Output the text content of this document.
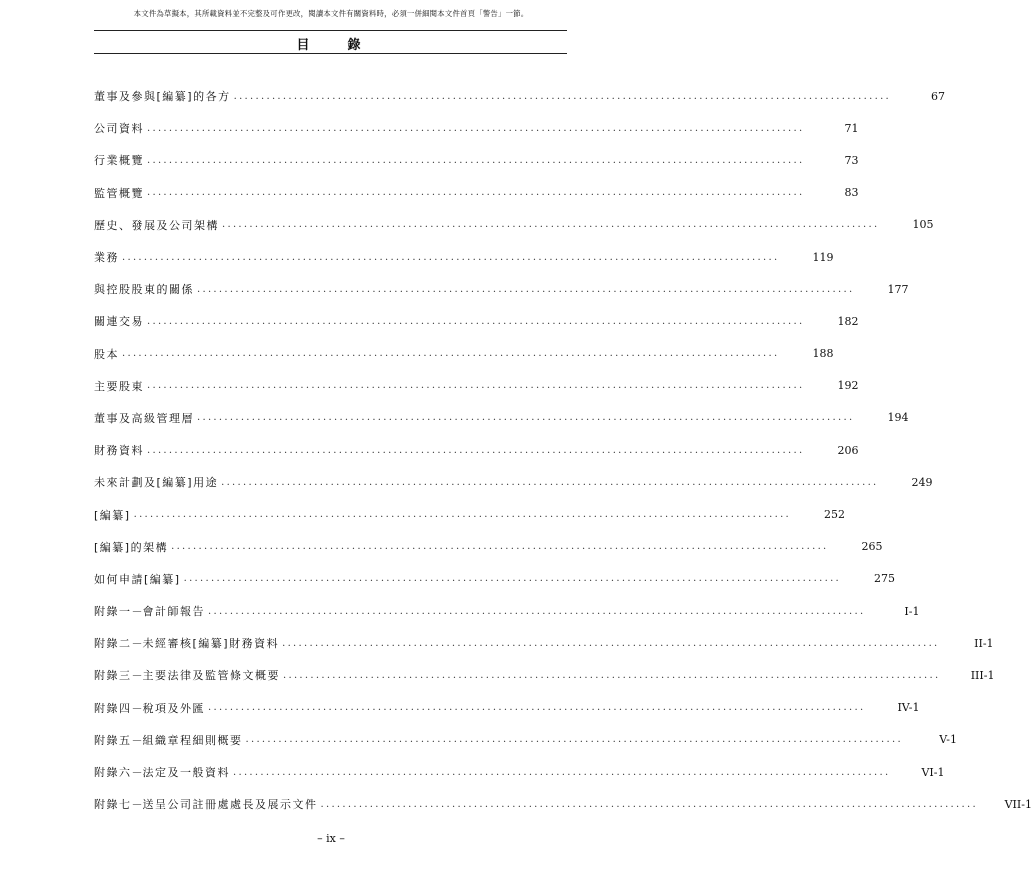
本文件為草擬本，其所載資料並不完整及可作更改，閱讀本文件有關資料時，必須一併細閱本文件首頁「警告」一節。
目　　錄
董事及參與[編纂]的各方 ........................................................................................................................	67
公司資料 ........................................................................................................................	71
行業概覽 ........................................................................................................................	73
監管概覽 ........................................................................................................................	83
歷史、發展及公司架構 ........................................................................................................................	105
業務 ........................................................................................................................	119
與控股股東的關係 ........................................................................................................................	177
關連交易 ........................................................................................................................	182
股本 ........................................................................................................................	188
主要股東 ........................................................................................................................	192
董事及高級管理層 ........................................................................................................................	194
財務資料 ........................................................................................................................	206
未來計劃及[編纂]用途 ........................................................................................................................	249
[編纂] ........................................................................................................................	252
[編纂]的架構 ........................................................................................................................	265
如何申請[編纂] ........................................................................................................................	275
附錄一 － 會計師報告 ........................................................................................................................	I-1
附錄二 － 未經審核[編纂]財務資料 ........................................................................................................................	II-1
附錄三 － 主要法律及監管條文概要 ........................................................................................................................	III-1
附錄四 － 稅項及外匯 ........................................................................................................................	IV-1
附錄五 － 組織章程細則概要 ........................................................................................................................	V-1
附錄六 － 法定及一般資料 ........................................................................................................................	VI-1
附錄七 － 送呈公司註冊處處長及展示文件 ........................................................................................................................ VII-1
– ix –
